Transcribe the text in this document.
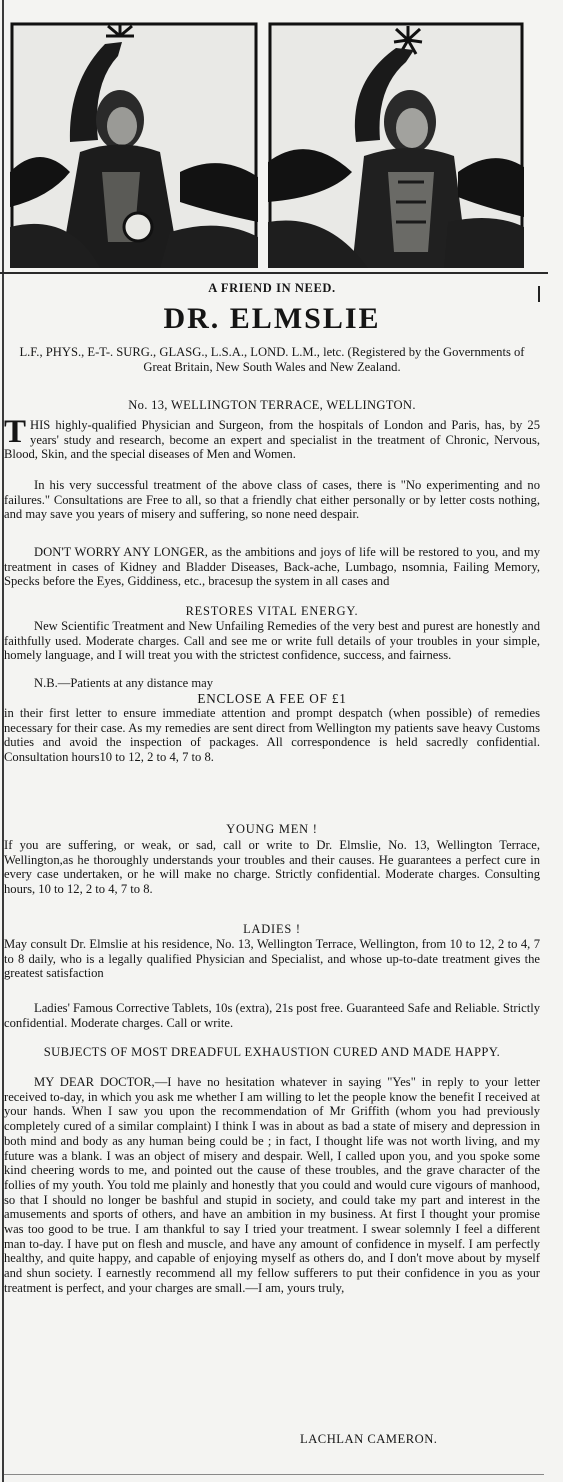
A FRIEND IN NEED.

DR. ELMSLIE

L.F., PHYS., E-T-. SURG., GLASG., L.S.A., LOND. L.M., letc. (Registered by the Governments of Great Britain, New South Wales and New Zealand.

No. 13, WELLINGTON TERRACE, WELLINGTON.

THIS highly-qualified Physician and Surgeon, from the hospitals of London and Paris, has, by 25 years' study and research, become an expert and specialist in the treatment of Chronic, Nervous, Blood, Skin, and the special diseases of Men and Women.

In his very successful treatment of the above class of cases, there is "No experimenting and no failures." Consultations are Free to all, so that a friendly chat either personally or by letter costs nothing, and may save you years of misery and suffering, so none need despair.

DON'T WORRY ANY LONGER, as the ambitions and joys of life will be restored to you, and my treatment in cases of Kidney and Bladder Diseases, Back-ache, Lumbago, nsomnia, Failing Memory, Specks before the Eyes, Giddiness, etc., bracesup the system in all cases and

RESTORES VITAL ENERGY.

New Scientific Treatment and New Unfailing Remedies of the very best and purest are honestly and faithfully used. Moderate charges. Call and see me or write full details of your troubles in your simple, homely language, and I will treat you with the strictest confidence, success, and fairness.

N.B.—Patients at any distance may

ENCLOSE A FEE OF £1

in their first letter to ensure immediate attention and prompt despatch (when possible) of remedies necessary for their case. As my remedies are sent direct from Wellington my patients save heavy Customs duties and avoid the inspection of packages. All correspondence is held sacredly confidential. Consultation hours10 to 12, 2 to 4, 7 to 8.

YOUNG MEN !

If you are suffering, or weak, or sad, call or write to Dr. Elmslie, No. 13, Wellington Terrace, Wellington,as he thoroughly understands your troubles and their causes. He guarantees a perfect cure in every case undertaken, or he will make no charge. Strictly confidential. Moderate charges. Consulting hours, 10 to 12, 2 to 4, 7 to 8.

LADIES !

May consult Dr. Elmslie at his residence, No. 13, Wellington Terrace, Wellington, from 10 to 12, 2 to 4, 7 to 8 daily, who is a legally qualified Physician and Specialist, and whose up-to-date treatment gives the greatest satisfaction

Ladies' Famous Corrective Tablets, 10s (extra), 21s post free. Guaranteed Safe and Reliable. Strictly confidential. Moderate charges. Call or write.

SUBJECTS OF MOST DREADFUL EXHAUSTION CURED AND MADE HAPPY.

MY DEAR DOCTOR,—I have no hesitation whatever in saying "Yes" in reply to your letter received to-day, in which you ask me whether I am willing to let the people know the benefit I received at your hands. When I saw you upon the recommendation of Mr Griffith (whom you had previously completely cured of a similar complaint) I think I was in about as bad a state of misery and depression in both mind and body as any human being could be ; in fact, I thought life was not worth living, and my future was a blank. I was an object of misery and despair. Well, I called upon you, and you spoke some kind cheering words to me, and pointed out the cause of these troubles, and the grave character of the follies of my youth. You told me plainly and honestly that you could and would cure vigours of manhood, so that I should no longer be bashful and stupid in society, and could take my part and interest in the amusements and sports of others, and have an ambition in my business. At first I thought your promise was too good to be true. I am thankful to say I tried your treatment. I swear solemnly I feel a different man to-day. I have put on flesh and muscle, and have any amount of confidence in myself. I am perfectly healthy, and quite happy, and capable of enjoying myself as others do, and I don't move about by myself and shun society. I earnestly recommend all my fellow sufferers to put their confidence in you as your treatment is perfect, and your charges are small.—I am, yours truly,

LACHLAN CAMERON.
